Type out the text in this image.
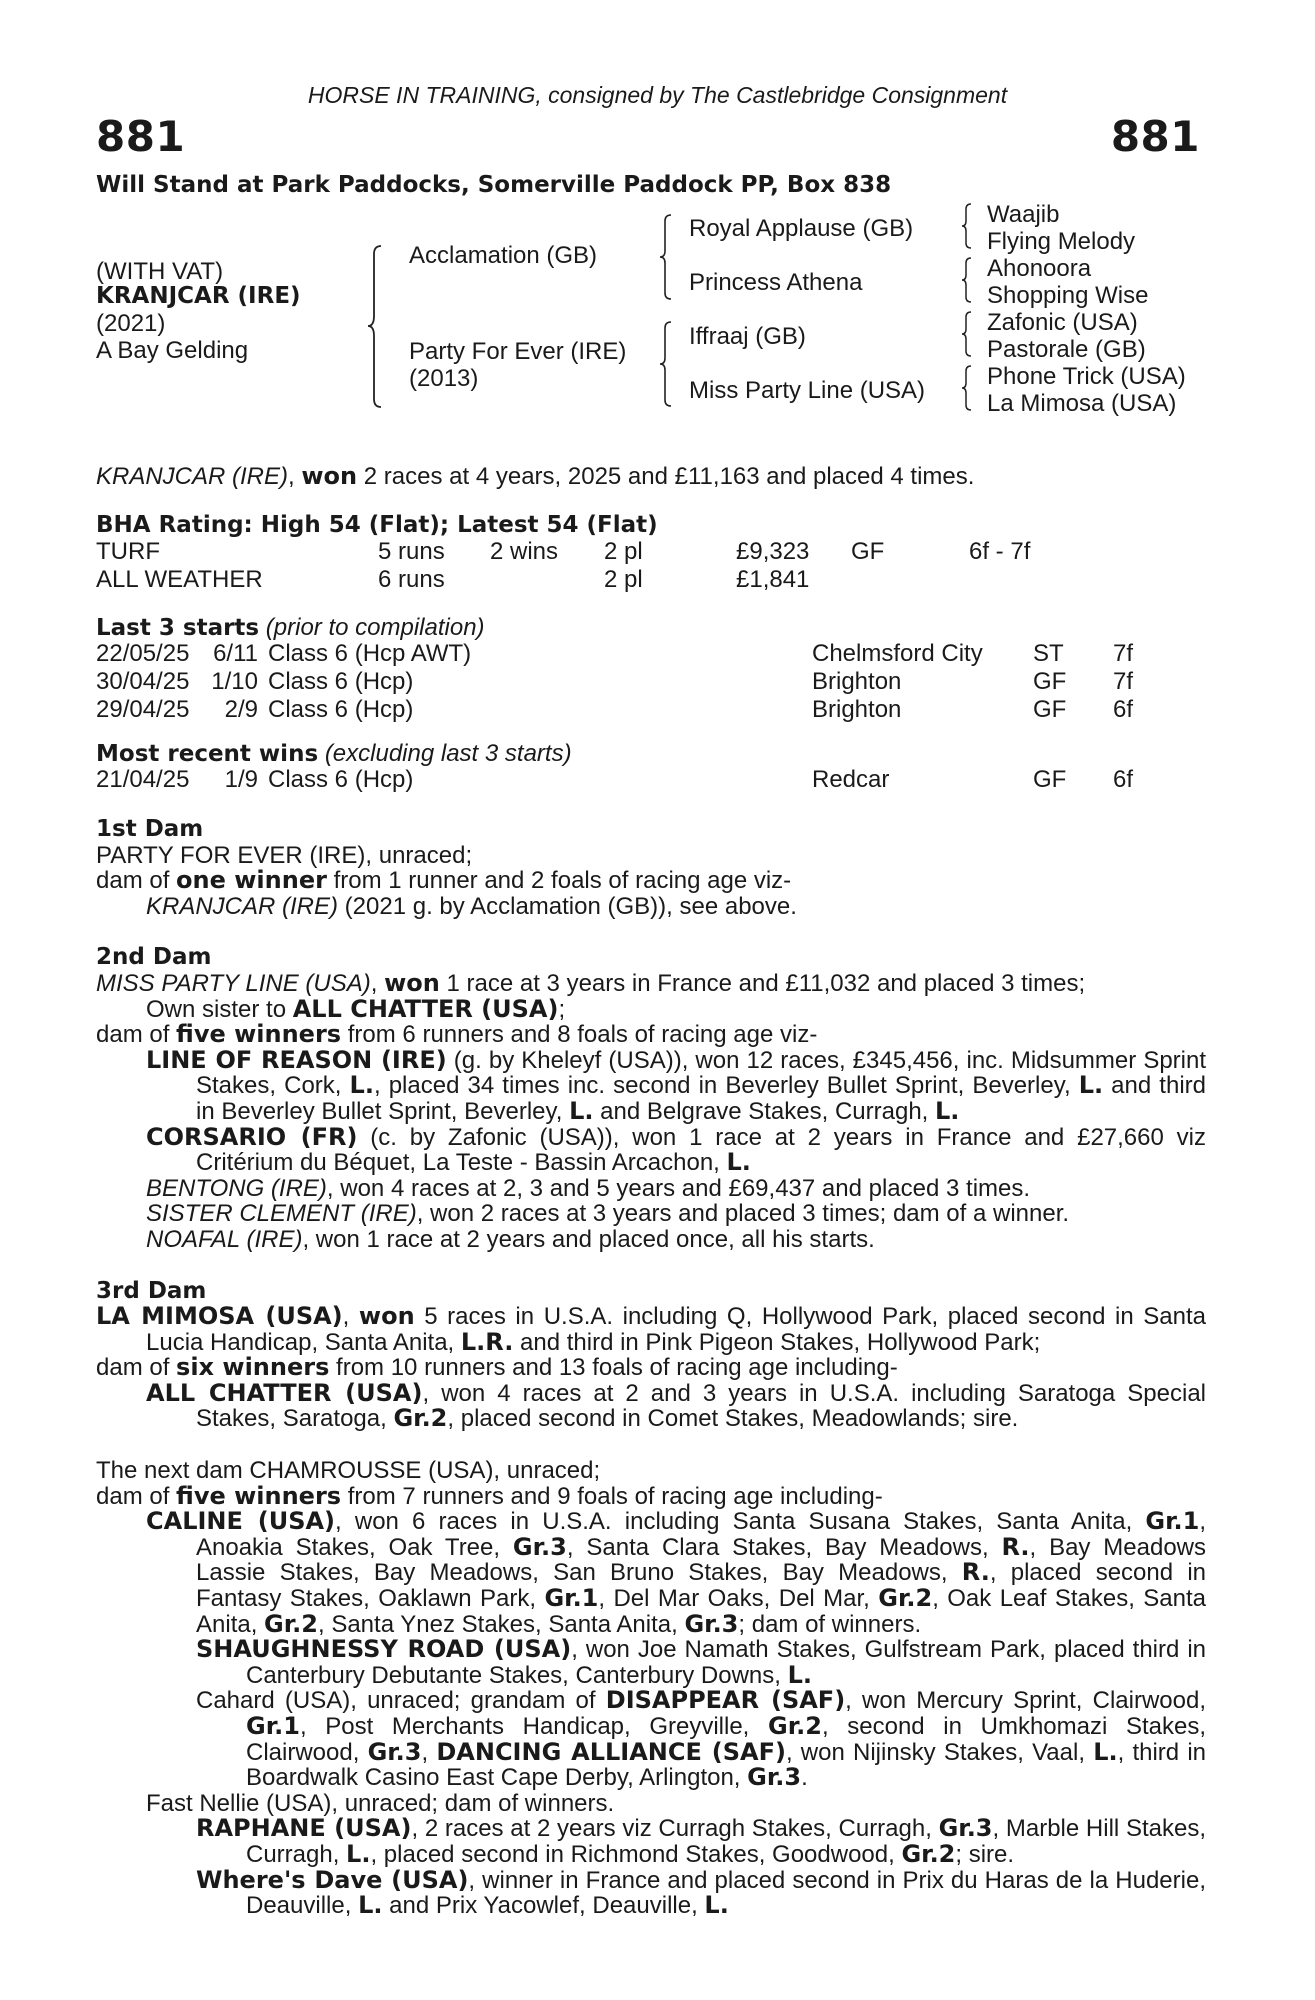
HORSE IN TRAINING, consigned by The Castlebridge Consignment
881	881
Will Stand at Park Paddocks, Somerville Paddock PP, Box 838
(WITH VAT)
KRANJCAR (IRE)
(2021)
A Bay Gelding
Acclamation (GB)
Party For Ever (IRE)
(2013)
Royal Applause (GB)
Princess Athena
Iffraaj (GB)
Miss Party Line (USA)
Waajib
Flying Melody
Ahonoora
Shopping Wise
Zafonic (USA)
Pastorale (GB)
Phone Trick (USA)
La Mimosa (USA)
KRANJCAR (IRE), won 2 races at 4 years, 2025 and £11,163 and placed 4 times.
BHA Rating: High 54 (Flat); Latest 54 (Flat)
TURF	5 runs	2 wins	2 pl	£9,323	GF	6f - 7f
ALL WEATHER	6 runs		2 pl	£1,841		
Last 3 starts (prior to compilation)
22/05/25	6/11	Class 6 (Hcp AWT)	Chelmsford City	ST	7f
30/04/25	1/10	Class 6 (Hcp)	Brighton	GF	7f
29/04/25	2/9	Class 6 (Hcp)	Brighton	GF	6f
Most recent wins (excluding last 3 starts)
21/04/25	1/9	Class 6 (Hcp)	Redcar	GF	6f

1st Dam

PARTY FOR EVER (IRE), unraced;

dam of one winner from 1 runner and 2 foals of racing age viz-

KRANJCAR (IRE) (2021 g. by Acclamation (GB)), see above.

2nd Dam

MISS PARTY LINE (USA), won 1 race at 3 years in France and £11,032 and placed 3 times;

Own sister to ALL CHATTER (USA);

dam of five winners from 6 runners and 8 foals of racing age viz-

LINE OF REASON (IRE) (g. by Kheleyf (USA)), won 12 races, £345,456, inc. Midsummer Sprint Stakes, Cork, L., placed 34 times inc. second in Beverley Bullet Sprint, Beverley, L. and third in Beverley Bullet Sprint, Beverley, L. and Belgrave Stakes, Curragh, L.

CORSARIO (FR) (c. by Zafonic (USA)), won 1 race at 2 years in France and £27,660 viz Critérium du Béquet, La Teste - Bassin Arcachon, L.

BENTONG (IRE), won 4 races at 2, 3 and 5 years and £69,437 and placed 3 times.

SISTER CLEMENT (IRE), won 2 races at 3 years and placed 3 times; dam of a winner.

NOAFAL (IRE), won 1 race at 2 years and placed once, all his starts.

3rd Dam

LA MIMOSA (USA), won 5 races in U.S.A. including Q, Hollywood Park, placed second in Santa Lucia Handicap, Santa Anita, L.R. and third in Pink Pigeon Stakes, Hollywood Park;

dam of six winners from 10 runners and 13 foals of racing age including-

ALL CHATTER (USA), won 4 races at 2 and 3 years in U.S.A. including Saratoga Special Stakes, Saratoga, Gr.2, placed second in Comet Stakes, Meadowlands; sire.

The next dam CHAMROUSSE (USA), unraced;

dam of five winners from 7 runners and 9 foals of racing age including-

CALINE (USA), won 6 races in U.S.A. including Santa Susana Stakes, Santa Anita, Gr.1, Anoakia Stakes, Oak Tree, Gr.3, Santa Clara Stakes, Bay Meadows, R., Bay Meadows Lassie Stakes, Bay Meadows, San Bruno Stakes, Bay Meadows, R., placed second in Fantasy Stakes, Oaklawn Park, Gr.1, Del Mar Oaks, Del Mar, Gr.2, Oak Leaf Stakes, Santa Anita, Gr.2, Santa Ynez Stakes, Santa Anita, Gr.3; dam of winners.

SHAUGHNESSY ROAD (USA), won Joe Namath Stakes, Gulfstream Park, placed third in Canterbury Debutante Stakes, Canterbury Downs, L.

Cahard (USA), unraced; grandam of DISAPPEAR (SAF), won Mercury Sprint, Clairwood, Gr.1, Post Merchants Handicap, Greyville, Gr.2, second in Umkhomazi Stakes, Clairwood, Gr.3, DANCING ALLIANCE (SAF), won Nijinsky Stakes, Vaal, L., third in Boardwalk Casino East Cape Derby, Arlington, Gr.3.

Fast Nellie (USA), unraced; dam of winners.

RAPHANE (USA), 2 races at 2 years viz Curragh Stakes, Curragh, Gr.3, Marble Hill Stakes, Curragh, L., placed second in Richmond Stakes, Goodwood, Gr.2; sire.

Where's Dave (USA), winner in France and placed second in Prix du Haras de la Huderie, Deauville, L. and Prix Yacowlef, Deauville, L.
